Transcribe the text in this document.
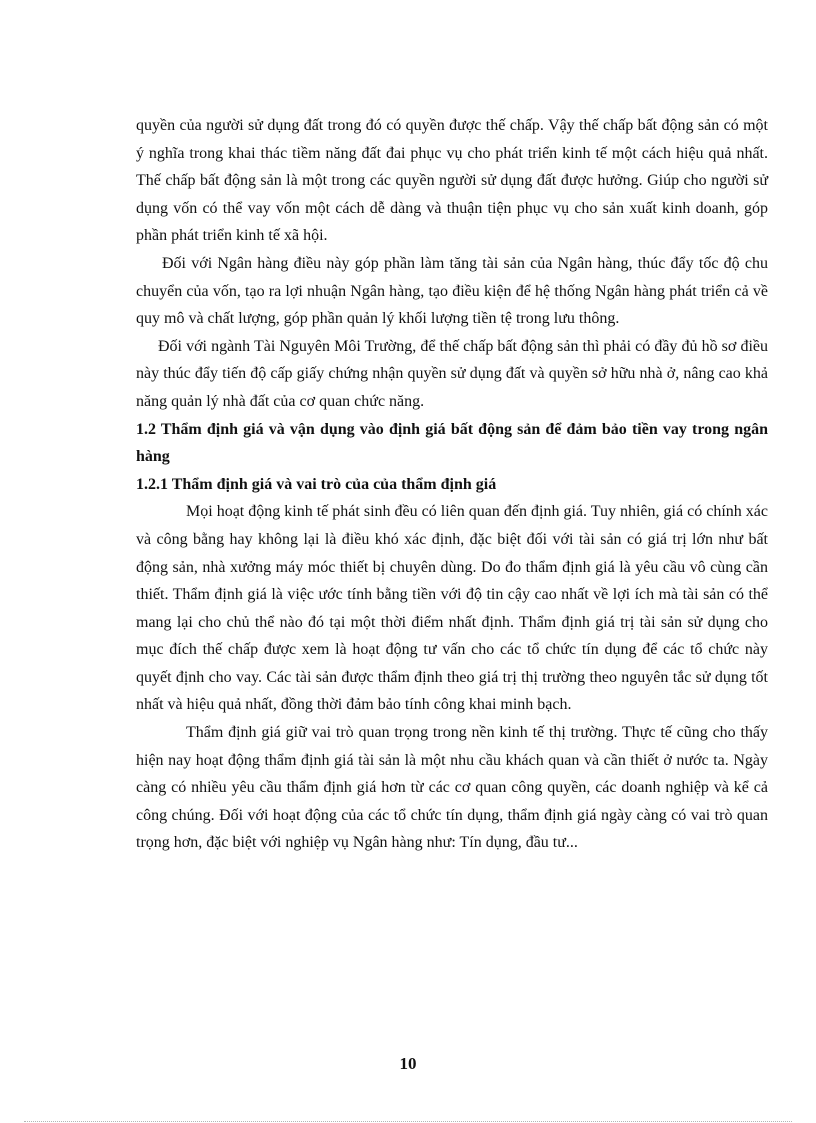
quyền của người sử dụng đất trong đó có quyền được thế chấp. Vậy thế chấp bất động sản có một ý nghĩa trong khai thác tiềm năng đất đai phục vụ cho phát triển kinh tế một cách hiệu quả nhất. Thế chấp bất động sản là một trong các quyền người sử dụng đất được hưởng. Giúp cho người sử dụng vốn có thể vay vốn một cách dễ dàng và thuận tiện phục vụ cho sản xuất kinh doanh, góp phần phát triển kinh tế xã hội.

Đối với Ngân hàng điều này góp phần làm tăng tài sản của Ngân hàng, thúc đẩy tốc độ chu chuyển của vốn, tạo ra lợi nhuận Ngân hàng, tạo điều kiện để hệ thống Ngân hàng phát triển cả về quy mô và chất lượng, góp phần quản lý khối lượng tiền tệ trong lưu thông.

Đối với ngành Tài Nguyên Môi Trường, để thế chấp bất động sản thì phải có đầy đủ hồ sơ điều này thúc đẩy tiến độ cấp giấy chứng nhận quyền sử dụng đất và quyền sở hữu nhà ở, nâng cao khả năng quản lý nhà đất của cơ quan chức năng.

1.2 Thẩm định giá và vận dụng vào định giá bất động sản để đảm bảo tiền vay trong ngân hàng

1.2.1 Thẩm định giá và vai trò của của thẩm định giá

Mọi hoạt động kinh tế phát sinh đều có liên quan đến định giá. Tuy nhiên, giá có chính xác và công bằng hay không lại là điều khó xác định, đặc biệt đối với tài sản có giá trị lớn như bất động sản, nhà xưởng máy móc thiết bị chuyên dùng. Do đo thẩm định giá là yêu cầu vô cùng cần thiết. Thẩm định giá là việc ước tính bằng tiền với độ tin cậy cao nhất về lợi ích mà tài sản có thể mang lại cho chủ thể nào đó tại một thời điểm nhất định. Thẩm định giá trị tài sản sử dụng cho mục đích thế chấp được xem là hoạt động tư vấn cho các tổ chức tín dụng để các tổ chức này quyết định cho vay. Các tài sản được thẩm định theo giá trị thị trường theo nguyên tắc sử dụng tốt nhất và hiệu quả nhất, đồng thời đảm bảo tính công khai minh bạch.

Thẩm định giá giữ vai trò quan trọng trong nền kinh tế thị trường. Thực tế cũng cho thấy hiện nay hoạt động thẩm định giá tài sản là một nhu cầu khách quan và cần thiết ở nước ta. Ngày càng có nhiều yêu cầu thẩm định giá hơn từ các cơ quan công quyền, các doanh nghiệp và kể cả công chúng. Đối với hoạt động của các tổ chức tín dụng, thẩm định giá ngày càng có vai trò quan trọng hơn, đặc biệt với nghiệp vụ Ngân hàng như: Tín dụng, đầu tư...

10
